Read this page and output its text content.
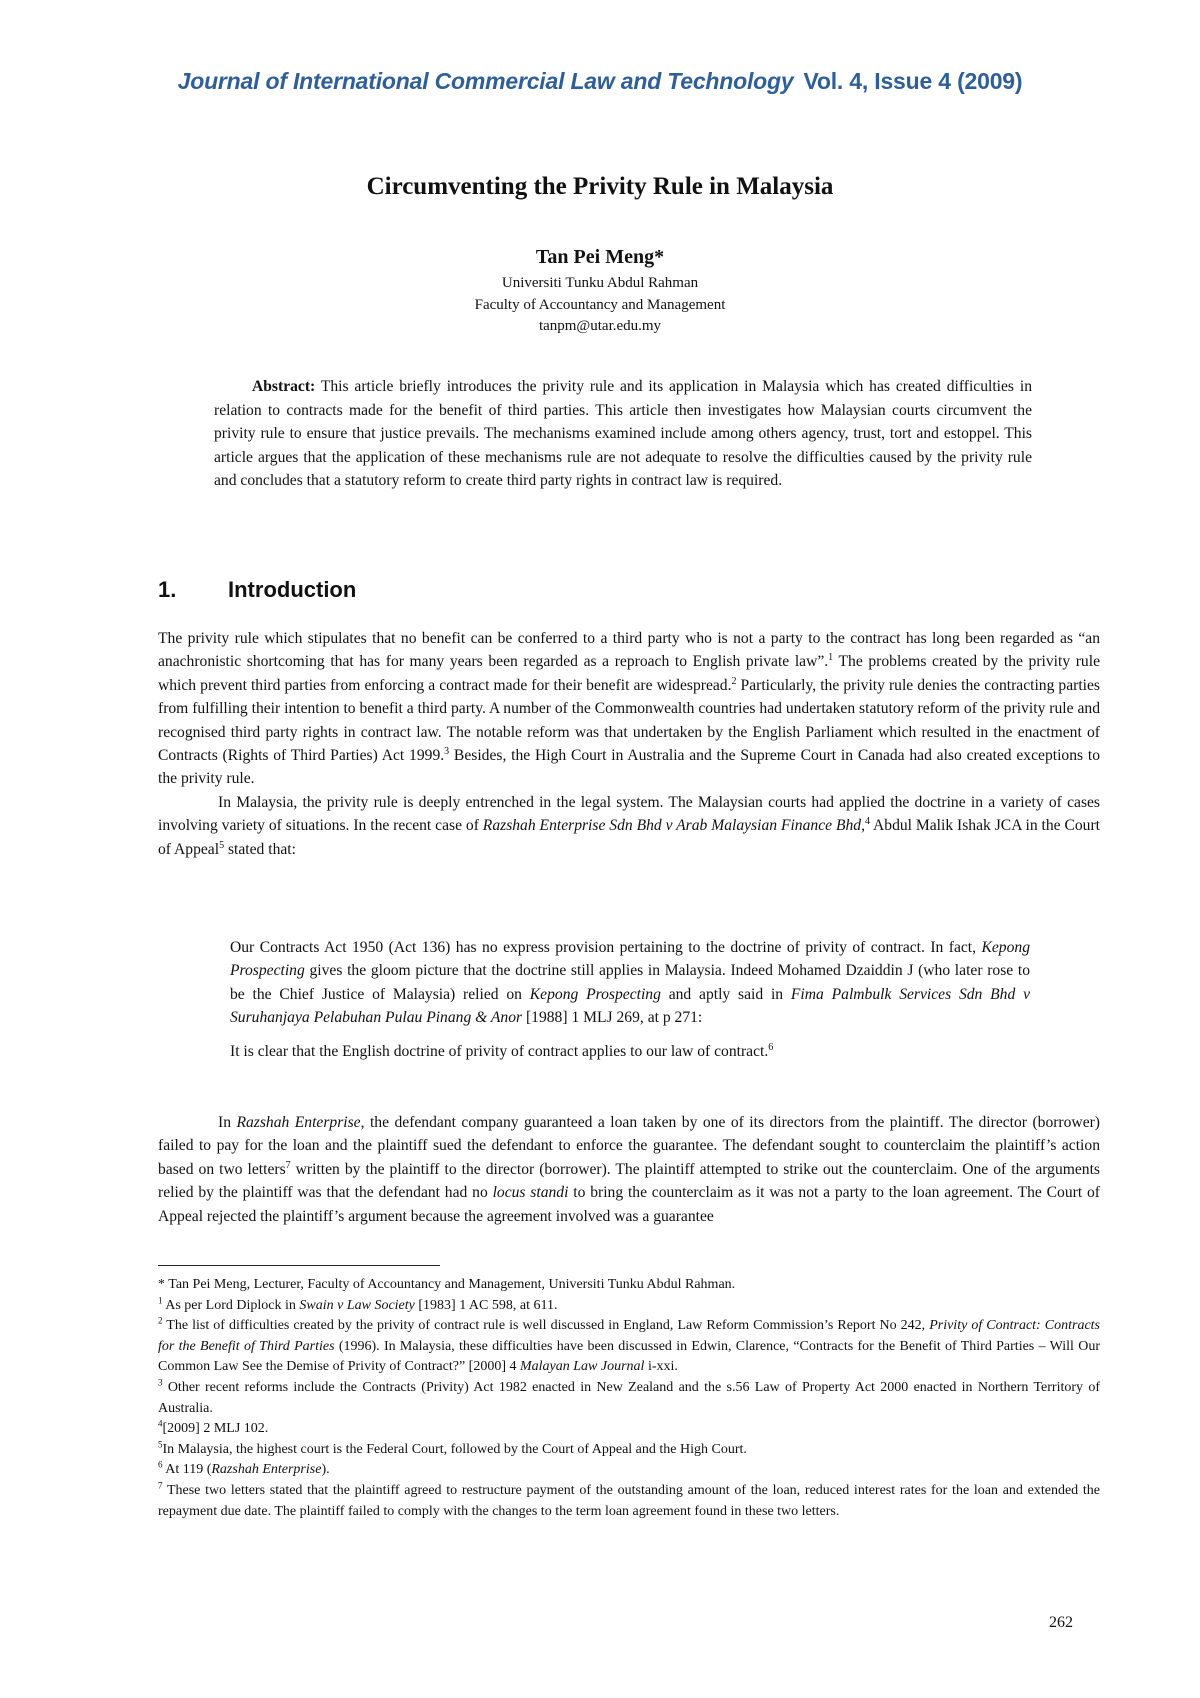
Journal of International Commercial Law and Technology Vol. 4, Issue 4 (2009)
Circumventing the Privity Rule in Malaysia
Tan Pei Meng*
Universiti Tunku Abdul Rahman
Faculty of Accountancy and Management
tanpm@utar.edu.my
Abstract: This article briefly introduces the privity rule and its application in Malaysia which has created difficulties in relation to contracts made for the benefit of third parties. This article then investigates how Malaysian courts circumvent the privity rule to ensure that justice prevails. The mechanisms examined include among others agency, trust, tort and estoppel. This article argues that the application of these mechanisms rule are not adequate to resolve the difficulties caused by the privity rule and concludes that a statutory reform to create third party rights in contract law is required.
1. Introduction

The privity rule which stipulates that no benefit can be conferred to a third party who is not a party to the contract has long been regarded as “an anachronistic shortcoming that has for many years been regarded as a reproach to English private law”.$^1$ The problems created by the privity rule which prevent third parties from enforcing a contract made for their benefit are widespread.$^2$ Particularly, the privity rule denies the contracting parties from fulfilling their intention to benefit a third party. A number of the Commonwealth countries had undertaken statutory reform of the privity rule and recognised third party rights in contract law. The notable reform was that undertaken by the English Parliament which resulted in the enactment of Contracts (Rights of Third Parties) Act 1999.$^3$ Besides, the High Court in Australia and the Supreme Court in Canada had also created exceptions to the privity rule.

In Malaysia, the privity rule is deeply entrenched in the legal system. The Malaysian courts had applied the doctrine in a variety of cases involving variety of situations. In the recent case of Razshah Enterprise Sdn Bhd v Arab Malaysian Finance Bhd,$^4$ Abdul Malik Ishak JCA in the Court of Appeal$^5$ stated that:

Our Contracts Act 1950 (Act 136) has no express provision pertaining to the doctrine of privity of contract. In fact, Kepong Prospecting gives the gloom picture that the doctrine still applies in Malaysia. Indeed Mohamed Dzaiddin J (who later rose to be the Chief Justice of Malaysia) relied on Kepong Prospecting and aptly said in Fima Palmbulk Services Sdn Bhd v Suruhanjaya Pelabuhan Pulau Pinang & Anor [1988] 1 MLJ 269, at p 271:

It is clear that the English doctrine of privity of contract applies to our law of contract.$^6$

In Razshah Enterprise, the defendant company guaranteed a loan taken by one of its directors from the plaintiff. The director (borrower) failed to pay for the loan and the plaintiff sued the defendant to enforce the guarantee. The defendant sought to counterclaim the plaintiff’s action based on two letters$^7$ written by the plaintiff to the director (borrower). The plaintiff attempted to strike out the counterclaim. One of the arguments relied by the plaintiff was that the defendant had no locus standi to bring the counterclaim as it was not a party to the loan agreement. The Court of Appeal rejected the plaintiff’s argument because the agreement involved was a guarantee

* Tan Pei Meng, Lecturer, Faculty of Accountancy and Management, Universiti Tunku Abdul Rahman.

$^1$ As per Lord Diplock in Swain v Law Society [1983] 1 AC 598, at 611.

$^2$ The list of difficulties created by the privity of contract rule is well discussed in England, Law Reform Commission’s Report No 242, Privity of Contract: Contracts for the Benefit of Third Parties (1996). In Malaysia, these difficulties have been discussed in Edwin, Clarence, “Contracts for the Benefit of Third Parties – Will Our Common Law See the Demise of Privity of Contract?” [2000] 4 Malayan Law Journal i-xxi.

$^3$ Other recent reforms include the Contracts (Privity) Act 1982 enacted in New Zealand and the s.56 Law of Property Act 2000 enacted in Northern Territory of Australia.

$^4$[2009] 2 MLJ 102.

$^5$In Malaysia, the highest court is the Federal Court, followed by the Court of Appeal and the High Court.

$^6$ At 119 (Razshah Enterprise).

$^7$ These two letters stated that the plaintiff agreed to restructure payment of the outstanding amount of the loan, reduced interest rates for the loan and extended the repayment due date. The plaintiff failed to comply with the changes to the term loan agreement found in these two letters.

262
